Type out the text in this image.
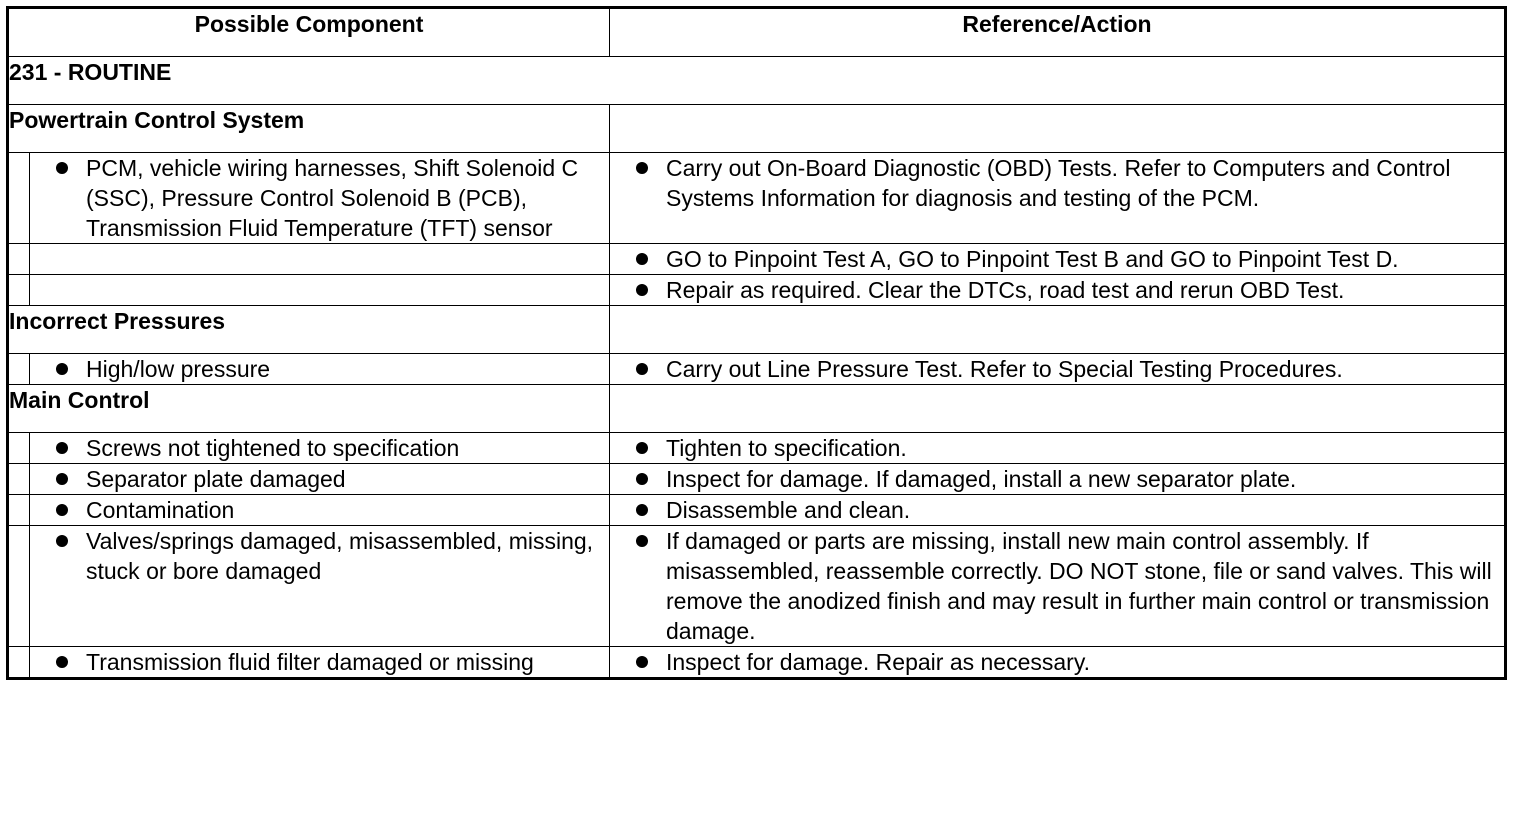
Possible Component		Reference/Action
231 - ROUTINE		
Powertrain Control System		

	PCM, vehicle wiring harnesses, Shift Solenoid C (SSC), Pressure Control Solenoid B (PCB), Transmission Fluid Temperature (TFT) sensor	Carry out On-Board Diagnostic (OBD) Tests. Refer to Computers and Control Systems Information for diagnosis and testing of the PCM.

		GO to Pinpoint Test A, GO to Pinpoint Test B and GO to Pinpoint Test D.

		Repair as required. Clear the DTCs, road test and rerun OBD Test.

Incorrect Pressures		

	High/low pressure	Carry out Line Pressure Test. Refer to Special Testing Procedures.

Main Control		

	Screws not tightened to specification	Tighten to specification.

	Separator plate damaged	Inspect for damage. If damaged, install a new separator plate.

	Contamination	Disassemble and clean.

	Valves/springs damaged, misassembled, missing, stuck or bore damaged	If damaged or parts are missing, install new main control assembly. If misassembled, reassemble correctly. DO NOT stone, file or sand valves. This will remove the anodized finish and may result in further main control or transmission damage.

	Transmission fluid filter damaged or missing	Inspect for damage. Repair as necessary.
